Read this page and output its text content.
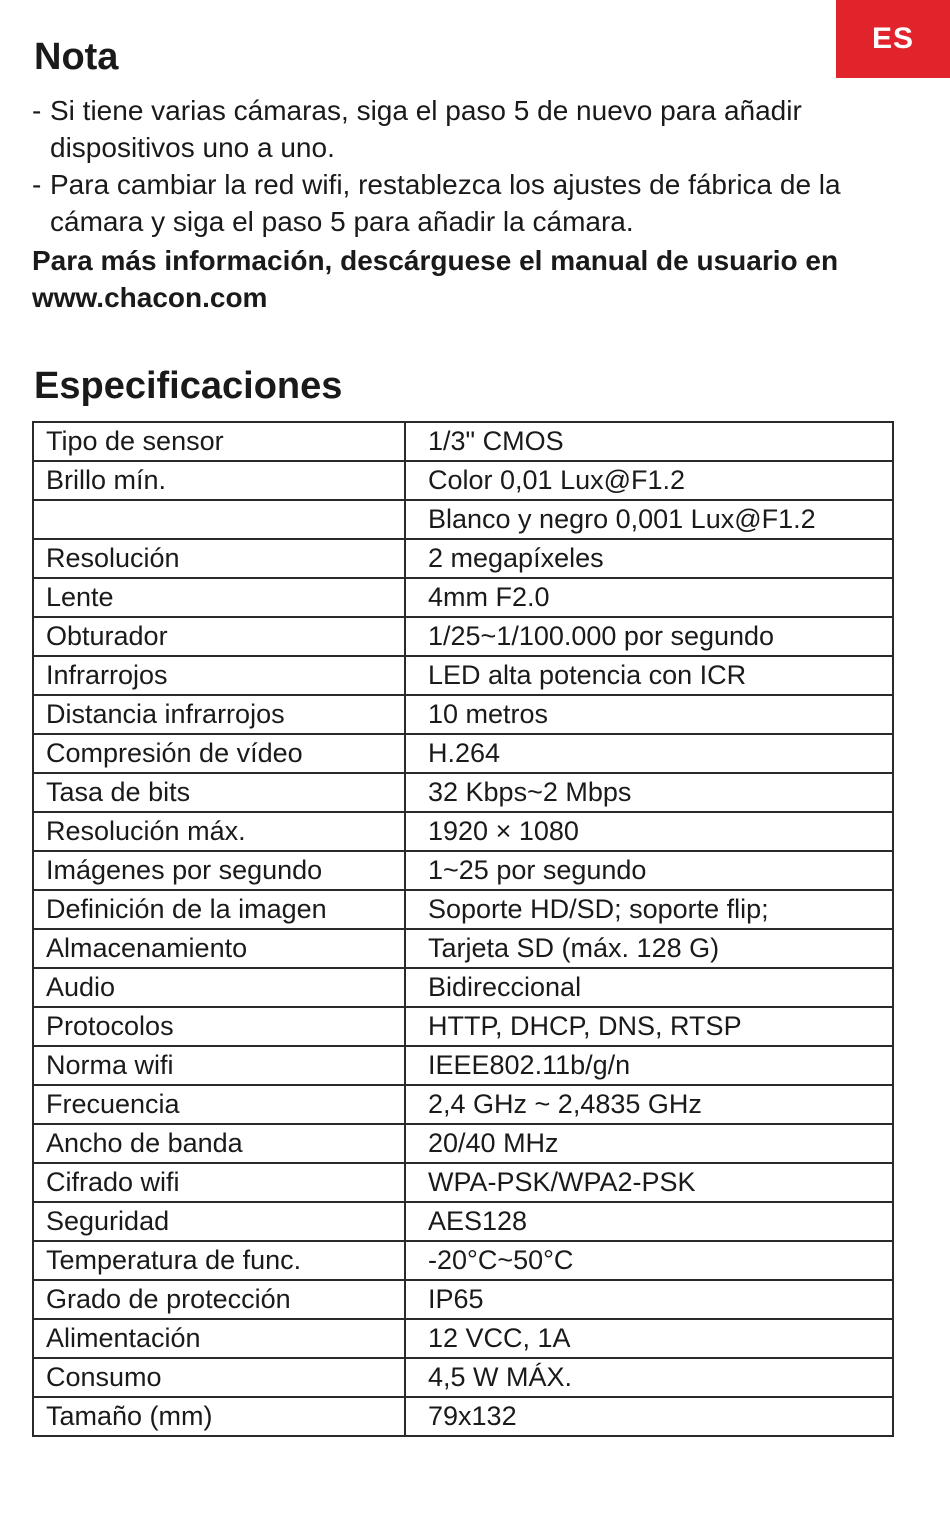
ES
Nota
- Si tiene varias cámaras, siga el paso 5 de nuevo para añadir dispositivos uno a uno.
- Para cambiar la red wifi, restablezca los ajustes de fábrica de la cámara y siga el paso 5 para añadir la cámara.

Para más información, descárguese el manual de usuario en www.chacon.com

Especificaciones
Tipo de sensor	1/3" CMOS
Brillo mín.	Color 0,01 Lux@F1.2
	Blanco y negro 0,001 Lux@F1.2
Resolución	2 megapíxeles
Lente	4mm F2.0
Obturador	1/25~1/100.000 por segundo
Infrarrojos	LED alta potencia con ICR
Distancia infrarrojos	10 metros
Compresión de vídeo	H.264
Tasa de bits	32 Kbps~2 Mbps
Resolución máx.	1920 × 1080
Imágenes por segundo	1~25 por segundo
Definición de la imagen	Soporte HD/SD; soporte flip;
Almacenamiento	Tarjeta SD (máx. 128 G)
Audio	Bidireccional
Protocolos	HTTP, DHCP, DNS, RTSP
Norma wifi	IEEE802.11b/g/n
Frecuencia	2,4 GHz ~ 2,4835 GHz
Ancho de banda	20/40 MHz
Cifrado wifi	WPA-PSK/WPA2-PSK
Seguridad	AES128
Temperatura de func.	-20°C~50°C
Grado de protección	IP65
Alimentación	12 VCC, 1A
Consumo	4,5 W MÁX.
Tamaño (mm)	79x132
